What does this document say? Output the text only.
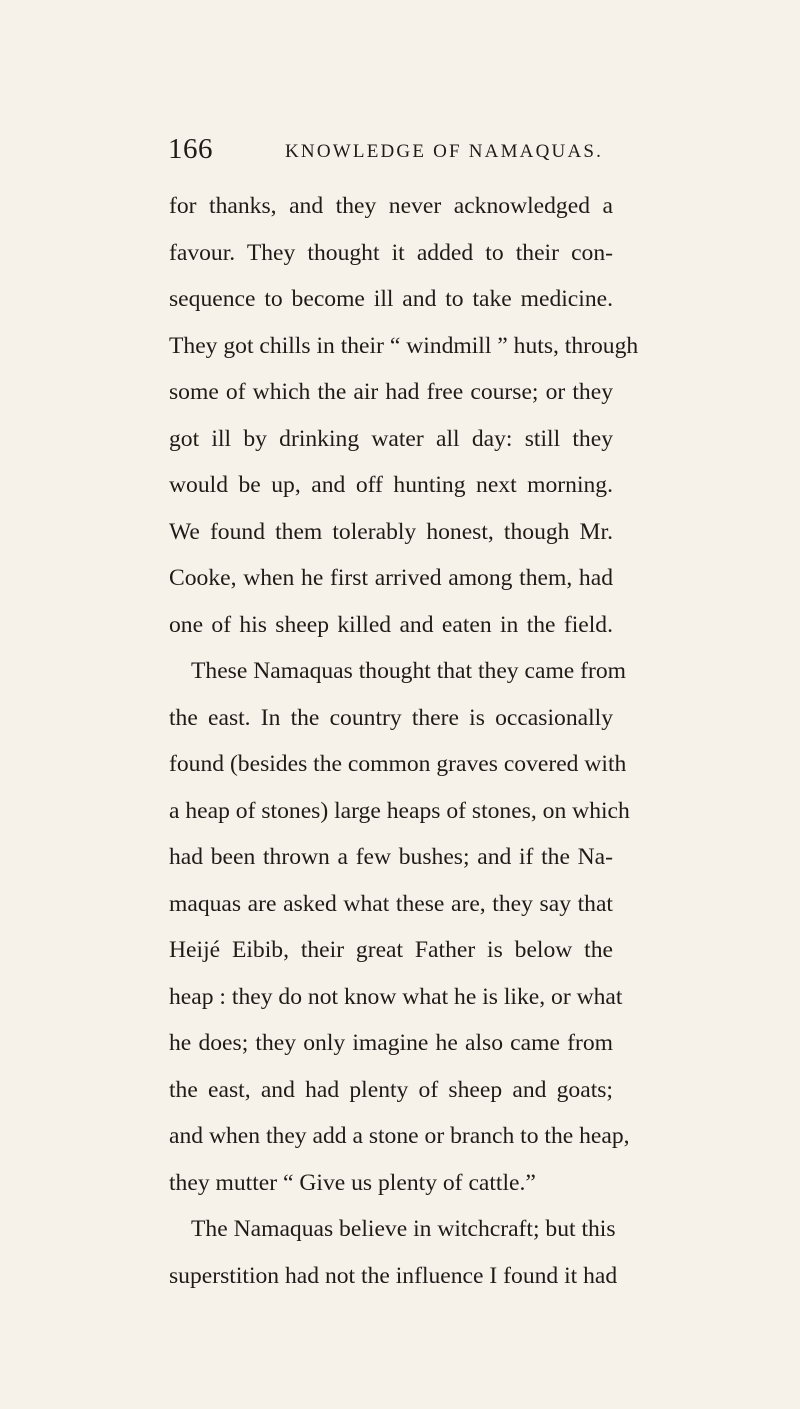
166	KNOWLEDGE OF NAMAQUAS.
for thanks, and they never acknowledged a
favour. They thought it added to their con-
sequence to become ill and to take medicine.
They got chills in their “ windmill ” huts, through
some of which the air had free course; or they
got ill by drinking water all day: still they
would be up, and off hunting next morning.
We found them tolerably honest, though Mr.
Cooke, when he first arrived among them, had
one of his sheep killed and eaten in the field.
These Namaquas thought that they came from
the east. In the country there is occasionally
found (besides the common graves covered with
a heap of stones) large heaps of stones, on which
had been thrown a few bushes; and if the Na-
maquas are asked what these are, they say that
Heijé Eibib, their great Father is below the
heap : they do not know what he is like, or what
he does; they only imagine he also came from
the east, and had plenty of sheep and goats;
and when they add a stone or branch to the heap,
they mutter “ Give us plenty of cattle.”
The Namaquas believe in witchcraft; but this
superstition had not the influence I found it had
